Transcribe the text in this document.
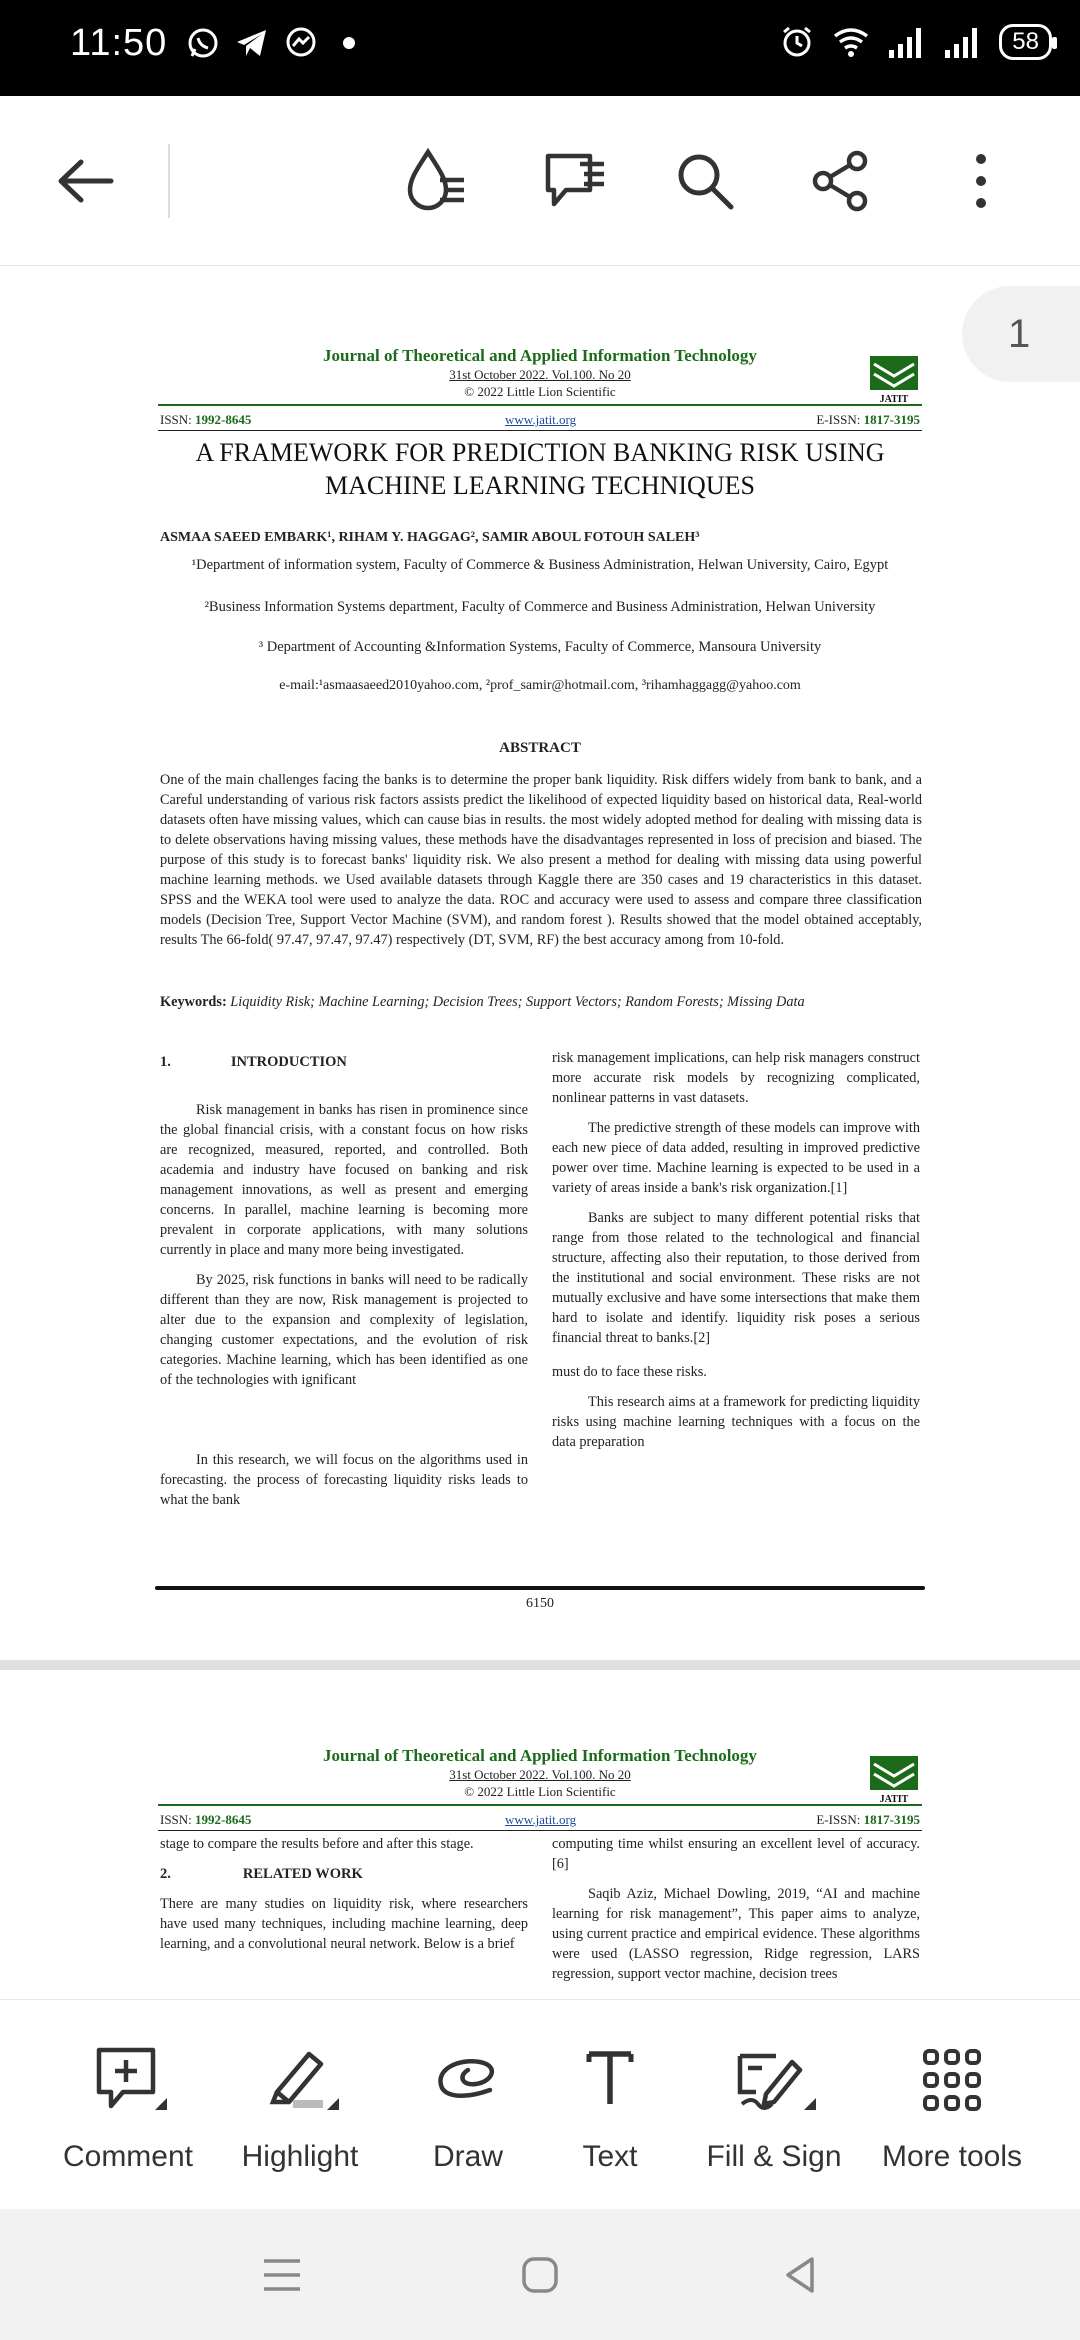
11:50	58
1
Journal of Theoretical and Applied Information Technology
31st October 2022. Vol.100. No 20
© 2022 Little Lion Scientific
JATIT
ISSN: 1992-8645	www.jatit.org	E-ISSN: 1817-3195
A FRAMEWORK FOR PREDICTION BANKING RISK USING
MACHINE LEARNING TECHNIQUES
ASMAA SAEED EMBARK¹, RIHAM Y. HAGGAG², SAMIR ABOUL FOTOUH SALEH³
¹Department of information system, Faculty of Commerce & Business Administration, Helwan University, Cairo, Egypt
²Business Information Systems department, Faculty of Commerce and Business Administration, Helwan University
³ Department of Accounting &Information Systems, Faculty of Commerce, Mansoura University
e-mail:¹asmaasaeed2010yahoo.com, ²prof_samir@hotmail.com, ³rihamhaggagg@yahoo.com
ABSTRACT
One of the main challenges facing the banks is to determine the proper bank liquidity. Risk differs widely from bank to bank, and a Careful understanding of various risk factors assists predict the likelihood of expected liquidity based on historical data, Real-world datasets often have missing values, which can cause bias in results. the most widely adopted method for dealing with missing data is to delete observations having missing values, these methods have the disadvantages represented in loss of precision and biased. The purpose of this study is to forecast banks' liquidity risk. We also present a method for dealing with missing data using powerful machine learning methods. we Used available datasets through Kaggle there are 350 cases and 19 characteristics in this dataset. SPSS and the WEKA tool were used to analyze the data. ROC and accuracy were used to assess and compare three classification models (Decision Tree, Support Vector Machine (SVM), and random forest ). Results showed that the model obtained acceptably, results The 66-fold( 97.47, 97.47, 97.47) respectively (DT, SVM, RF) the best accuracy among from 10-fold.
Keywords: Liquidity Risk; Machine Learning; Decision Trees; Support Vectors; Random Forests; Missing Data

1.	INTRODUCTION

Risk management in banks has risen in prominence since the global financial crisis, with a constant focus on how risks are recognized, measured, reported, and controlled. Both academia and industry have focused on banking and risk management innovations, as well as present and emerging concerns. In parallel, machine learning is becoming more prevalent in corporate applications, with many solutions currently in place and many more being investigated.

By 2025, risk functions in banks will need to be radically different than they are now, Risk management is projected to alter due to the expansion and complexity of legislation, changing customer expectations, and the evolution of risk categories. Machine learning, which has been identified as one of the technologies with ignificant

In this research, we will focus on the algorithms used in forecasting. the process of forecasting liquidity risks leads to what the bank

risk management implications, can help risk managers construct more accurate risk models by recognizing complicated, nonlinear patterns in vast datasets.

The predictive strength of these models can improve with each new piece of data added, resulting in improved predictive power over time. Machine learning is expected to be used in a variety of areas inside a bank's risk organization.[1]

Banks are subject to many different potential risks that range from those related to the technological and financial structure, affecting also their reputation, to those derived from the institutional and social environment. These risks are not mutually exclusive and have some intersections that make them hard to isolate and identify. liquidity risk poses a serious financial threat to banks.[2]

must do to face these risks.

This research aims at a framework for predicting liquidity risks using machine learning techniques with a focus on the data preparation

6150
Journal of Theoretical and Applied Information Technology
31st October 2022. Vol.100. No 20
© 2022 Little Lion Scientific
JATIT
ISSN: 1992-8645	www.jatit.org	E-ISSN: 1817-3195

stage to compare the results before and after this stage.

2.	RELATED WORK

There are many studies on liquidity risk, where researchers have used many techniques, including machine learning, deep learning, and a convolutional neural network. Below is a brief

computing time whilst ensuring an excellent level of accuracy. [6]

Saqib Aziz, Michael Dowling, 2019, “AI and machine learning for risk management”, This paper aims to analyze, using current practice and empirical evidence. These algorithms were used (LASSO regression, Ridge regression, LARS regression, support vector machine, decision trees

Comment	Highlight	Draw	Text	Fill & Sign	More tools
